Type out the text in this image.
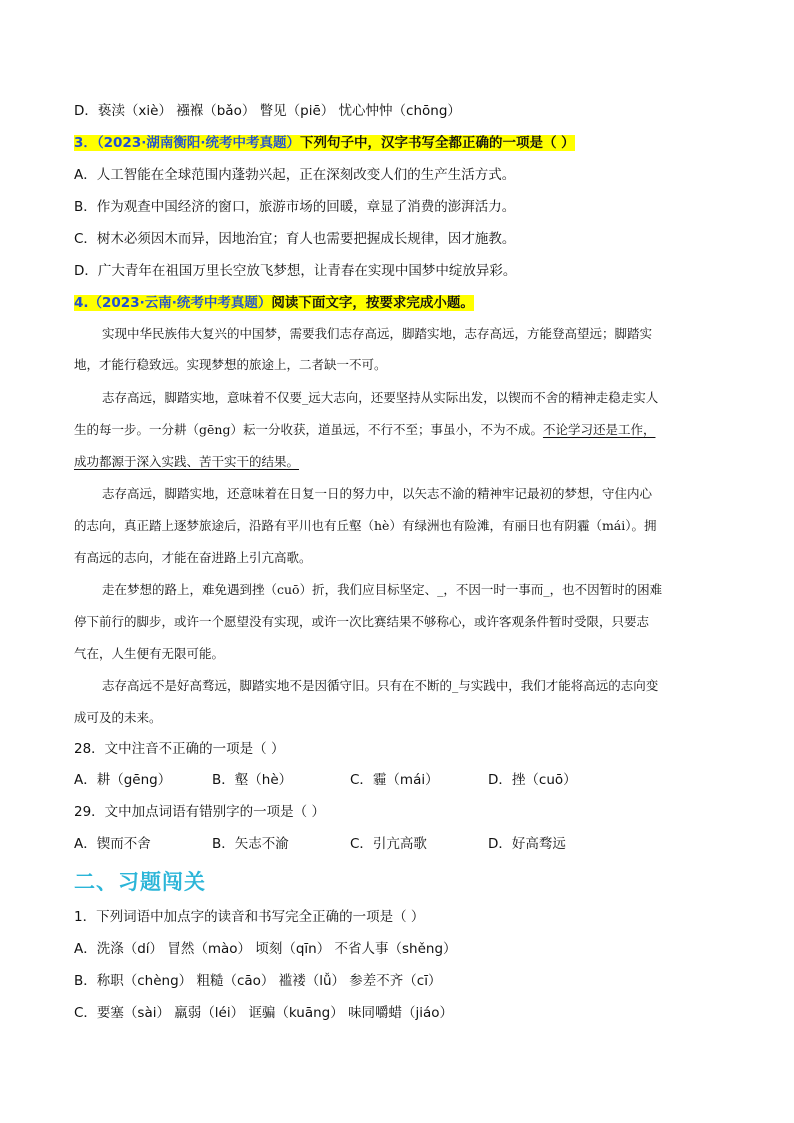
D．亵渎（xiè） 襁褓（bǎo） 瞥见（piē） 忧心忡忡（chōng）
3．（2023·湖南衡阳·统考中考真题）下列句子中，汉字书写全都正确的一项是（ ）
A．人工智能在全球范围内蓬勃兴起，正在深刻改变人们的生产生活方式。
B．作为观查中国经济的窗口，旅游市场的回暖，章显了消费的澎湃活力。
C．树木必须因木而异，因地治宜；育人也需要把握成长规律，因才施教。
D．广大青年在祖国万里长空放飞梦想，让青春在实现中国梦中绽放异彩。
4.（2023·云南·统考中考真题）阅读下面文字，按要求完成小题。
实现中华民族伟大复兴的中国梦，需要我们志存高远，脚踏实地，志存高远，方能登高望远；脚踏实
地，才能行稳致远。实现梦想的旅途上，二者缺一不可。
志存高远，脚踏实地，意味着不仅要_远大志向，还要坚持从实际出发，以锲而不舍的精神走稳走实人
生的每一步。一分耕（gēng）耘一分收获，道虽远，不行不至；事虽小，不为不成。不论学习还是工作，
成功都源于深入实践、苦干实干的结果。
志存高远，脚踏实地，还意味着在日复一日的努力中，以矢志不渝的精神牢记最初的梦想，守住内心
的志向，真正踏上逐梦旅途后，沿路有平川也有丘壑（hè）有绿洲也有险滩，有丽日也有阴霾（mái）。拥
有高远的志向，才能在奋进路上引亢高歌。
走在梦想的路上，难免遇到挫（cuō）折，我们应目标坚定、_，不因一时一事而_，也不因暂时的困难
停下前行的脚步，或许一个愿望没有实现，或许一次比赛结果不够称心，或许客观条件暂时受限，只要志
气在，人生便有无限可能。
志存高远不是好高骛远，脚踏实地不是因循守旧。只有在不断的_与实践中，我们才能将高远的志向变
成可及的未来。
28．文中注音不正确的一项是（ ）
A．耕（gēng）	B．壑（hè）	C．霾（mái）	D．挫（cuō）
29．文中加点词语有错别字的一项是（ ）
A．锲而不舍	B．矢志不渝	C．引亢高歌	D．好高骛远
二、习题闯关
1．下列词语中加点字的读音和书写完全正确的一项是（ ）
A．洗涤（dí） 冒然（mào） 顷刻（qīn） 不省人事（shěng）
B．称职（chèng） 粗糙（cāo） 褴褛（lǚ） 参差不齐（cī）
C．要塞（sài） 羸弱（léi） 诓骗（kuāng） 味同嚼蜡（jiáo）
